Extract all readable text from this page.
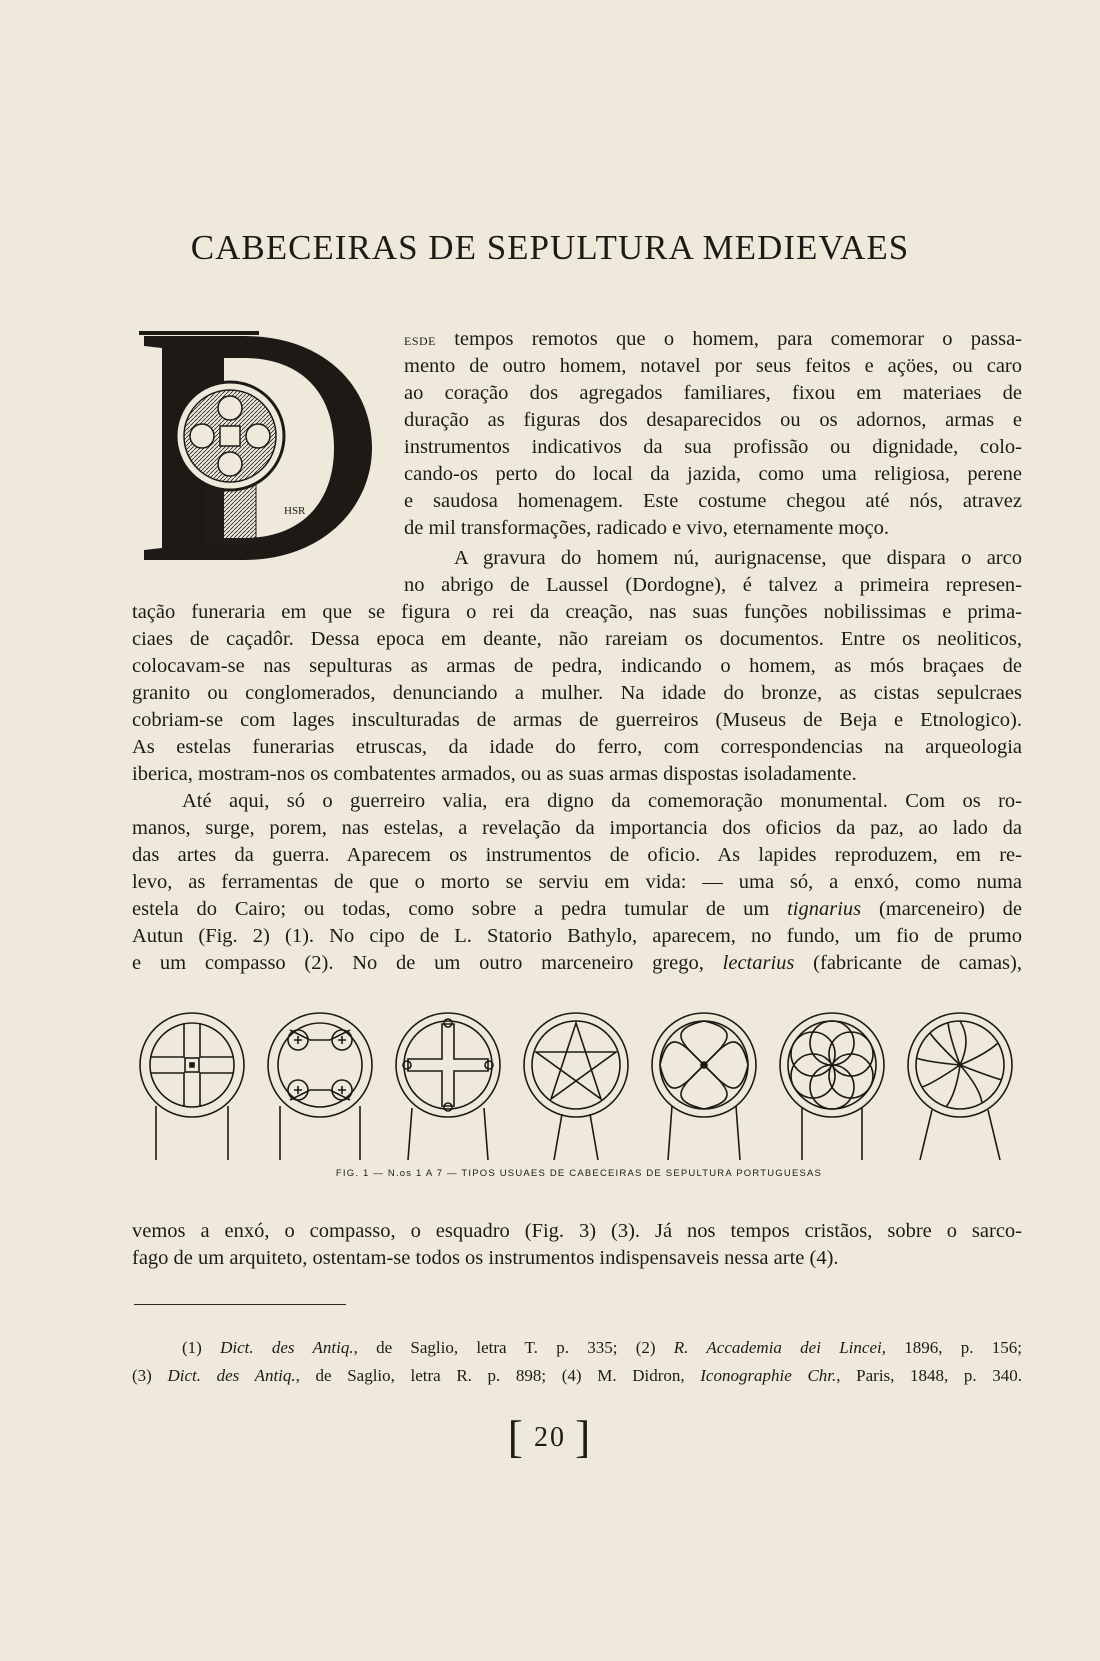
CABECEIRAS DE SEPULTURA MEDIEVAES
HSR
esde tempos remotos que o homem, para comemorar o passa-
mento de outro homem, notavel por seus feitos e açöes, ou caro
ao coração dos agregados familiares, fixou em materiaes de
duração as figuras dos desaparecidos ou os adornos, armas e
instrumentos indicativos da sua profissão ou dignidade, colo-
cando-os perto do local da jazida, como uma religiosa, perene
e saudosa homenagem. Este costume chegou até nós, atravez
de mil transformações, radicado e vivo, eternamente moço.
A gravura do homem nú, aurignacense, que dispara o arco
no abrigo de Laussel (Dordogne), é talvez a primeira represen-
tação funeraria em que se figura o rei da creação, nas suas funções nobilissimas e prima-
ciaes de caçadôr. Dessa epoca em deante, não rareiam os documentos. Entre os neoliticos,
colocavam-se nas sepulturas as armas de pedra, indicando o homem, as mós braçaes de
granito ou conglomerados, denunciando a mulher. Na idade do bronze, as cistas sepulcraes
cobriam-se com lages insculturadas de armas de guerreiros (Museus de Beja e Etnologico).
As estelas funerarias etruscas, da idade do ferro, com correspondencias na arqueologia
iberica, mostram-nos os combatentes armados, ou as suas armas dispostas isoladamente.
Até aqui, só o guerreiro valia, era digno da comemoração monumental. Com os ro-
manos, surge, porem, nas estelas, a revelação da importancia dos oficios da paz, ao lado da
das artes da guerra. Aparecem os instrumentos de oficio. As lapides reproduzem, em re-
levo, as ferramentas de que o morto se serviu em vida: — uma só, a enxó, como numa
estela do Cairo; ou todas, como sobre a pedra tumular de um tignarius (marceneiro) de
Autun (Fig. 2) (1). No cipo de L. Statorio Bathylo, aparecem, no fundo, um fio de prumo
e um compasso (2). No de um outro marceneiro grego, lectarius (fabricante de camas),
FIG. 1 — N.os 1 A 7 — TIPOS USUAES DE CABECEIRAS DE SEPULTURA PORTUGUESAS
vemos a enxó, o compasso, o esquadro (Fig. 3) (3). Já nos tempos cristãos, sobre o sarco-
fago de um arquiteto, ostentam-se todos os instrumentos indispensaveis nessa arte (4).
(1) Dict. des Antiq., de Saglio, letra T. p. 335; (2) R. Accademia dei Lincei, 1896, p. 156;
(3) Dict. des Antiq., de Saglio, letra R. p. 898; (4) M. Didron, Iconographie Chr., Paris, 1848, p. 340.
[ 20 ]
